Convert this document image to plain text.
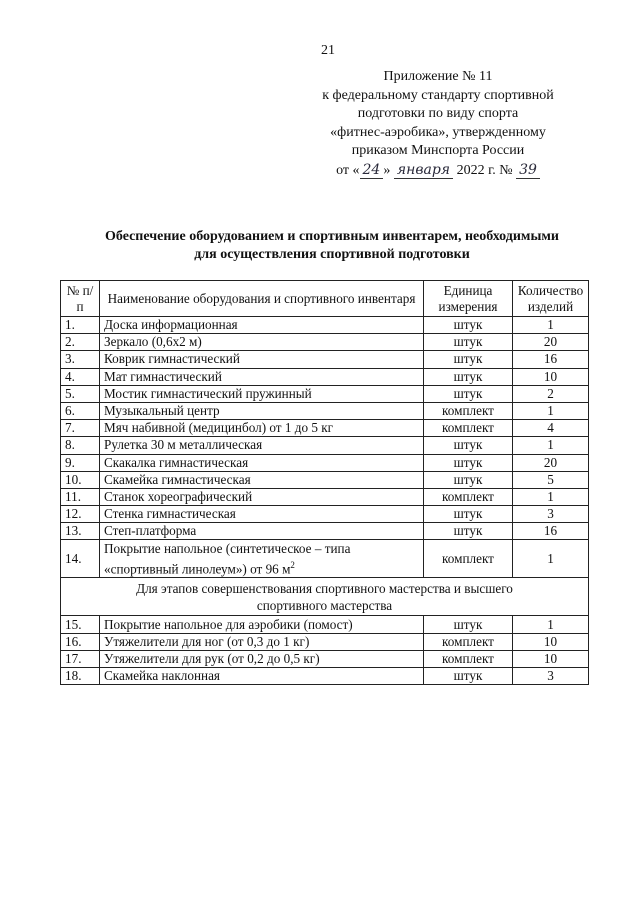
21
Приложение № 11
к федеральному стандарту спортивной
подготовки по виду спорта
«фитнес-аэробика», утвержденному
приказом Минспорта России
от « 24 » января 2022 г. № 39
Обеспечение оборудованием и спортивным инвентарем, необходимыми
для осуществления спортивной подготовки
№ п/п	Наименование оборудования и спортивного инвентаря	Единица измерения	Количество изделий
1.	Доска информационная	штук	1
2.	Зеркало (0,6х2 м)	штук	20
3.	Коврик гимнастический	штук	16
4.	Мат гимнастический	штук	10
5.	Мостик гимнастический пружинный	штук	2
6.	Музыкальный центр	комплект	1
7.	Мяч набивной (медицинбол) от 1 до 5 кг	комплект	4
8.	Рулетка 30 м металлическая	штук	1
9.	Скакалка гимнастическая	штук	20
10.	Скамейка гимнастическая	штук	5
11.	Станок хореографический	комплект	1
12.	Стенка гимнастическая	штук	3
13.	Степ-платформа	штук	16
14.	Покрытие напольное (синтетическое – типа
«спортивный линолеум») от 96 $м^2$	комплект	1

Для этапов совершенствования спортивного мастерства и высшего
спортивного мастерства			

15.	Покрытие напольное для аэробики (помост)	штук	1
16.	Утяжелители для ног (от 0,3 до 1 кг)	комплект	10
17.	Утяжелители для рук (от 0,2 до 0,5 кг)	комплект	10
18.	Скамейка наклонная	штук	3
